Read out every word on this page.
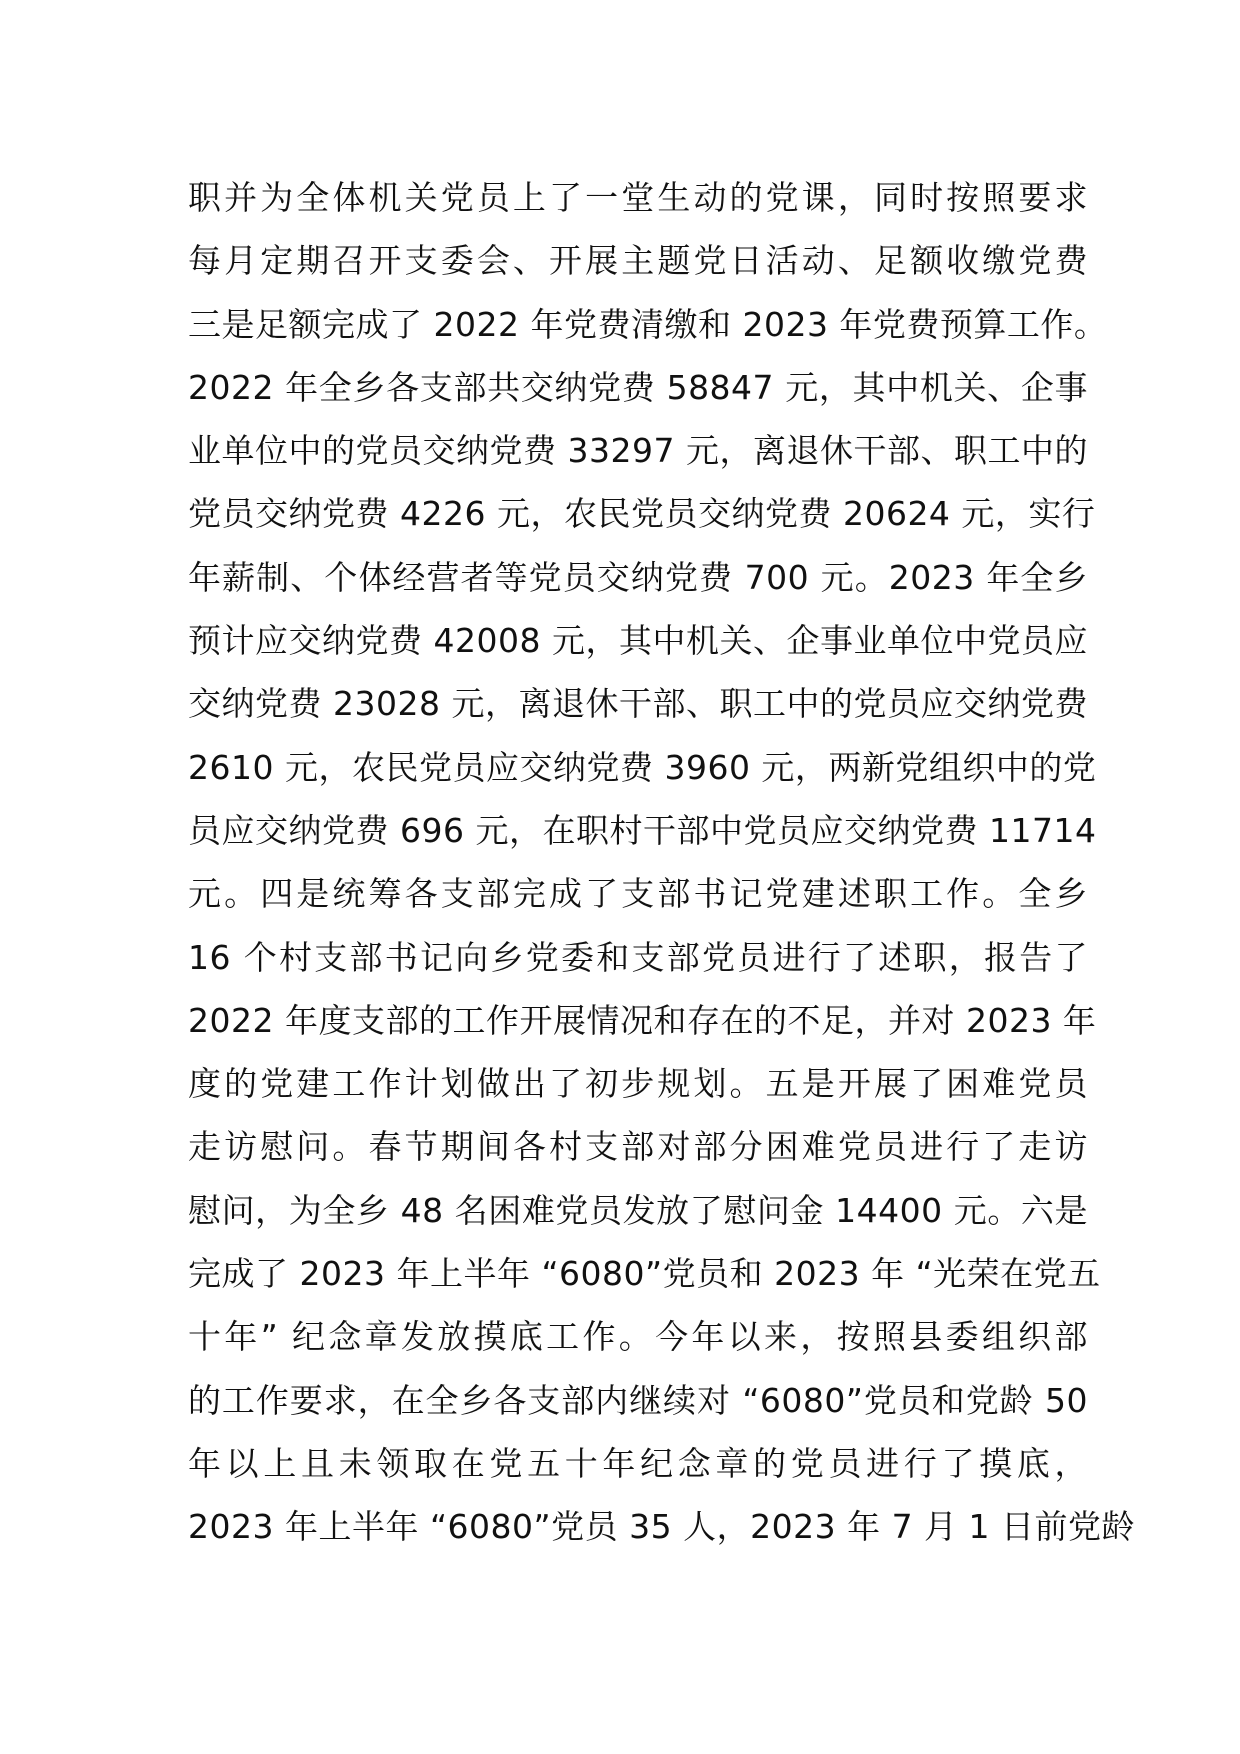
职并为全体机关党员上了一堂生动的党课，同时按照要求
每月定期召开支委会、开展主题党日活动、足额收缴党费
三是足额完成了 2022 年党费清缴和 2023 年党费预算工作。
2022 年全乡各支部共交纳党费 58847 元，其中机关、企事
业单位中的党员交纳党费 33297 元，离退休干部、职工中的
党员交纳党费 4226 元，农民党员交纳党费 20624 元，实行
年薪制、个体经营者等党员交纳党费 700 元。2023 年全乡
预计应交纳党费 42008 元，其中机关、企事业单位中党员应
交纳党费 23028 元，离退休干部、职工中的党员应交纳党费
2610 元，农民党员应交纳党费 3960 元，两新党组织中的党
员应交纳党费 696 元，在职村干部中党员应交纳党费 11714
元。四是统筹各支部完成了支部书记党建述职工作。全乡
16 个村支部书记向乡党委和支部党员进行了述职，报告了
2022 年度支部的工作开展情况和存在的不足，并对 2023 年
度的党建工作计划做出了初步规划。五是开展了困难党员
走访慰问。春节期间各村支部对部分困难党员进行了走访
慰问，为全乡 48 名困难党员发放了慰问金 14400 元。六是
完成了 2023 年上半年 “6080”党员和 2023 年 “光荣在党五
十年” 纪念章发放摸底工作。今年以来，按照县委组织部
的工作要求，在全乡各支部内继续对 “6080”党员和党龄 50
年以上且未领取在党五十年纪念章的党员进行了摸底，
2023 年上半年 “6080”党员 35 人，2023 年 7 月 1 日前党龄
